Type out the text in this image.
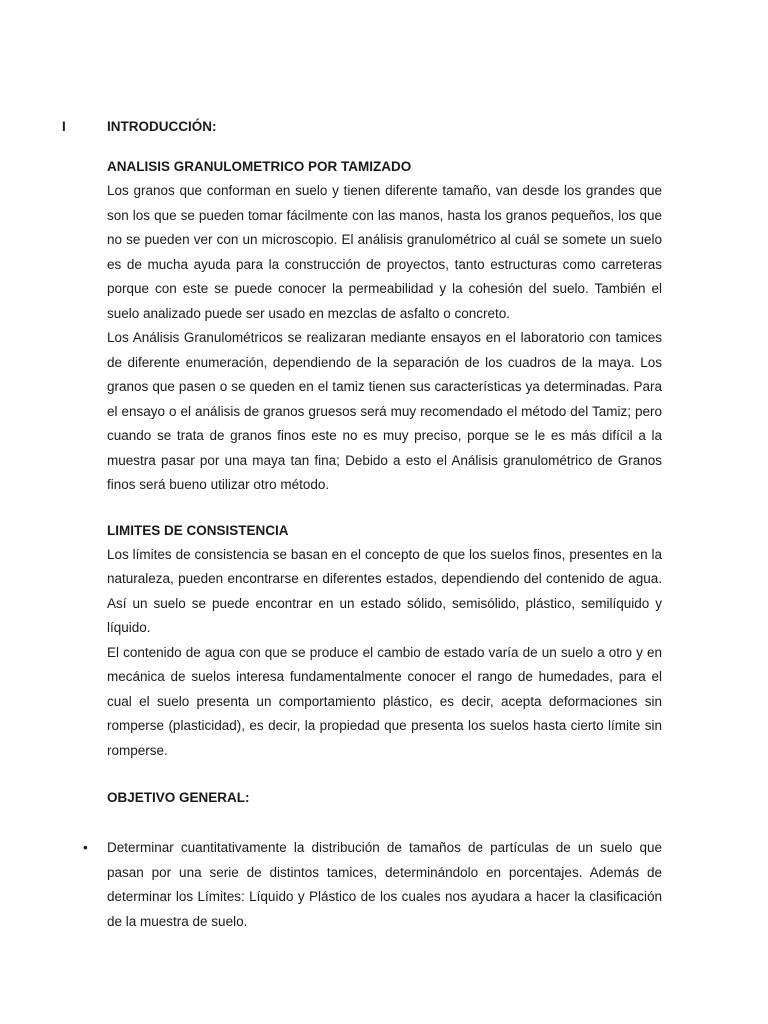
I	INTRODUCCIÓN:

ANALISIS GRANULOMETRICO POR TAMIZADO

Los granos que conforman en suelo y tienen diferente tamaño, van desde los grandes que son los que se pueden tomar fácilmente con las manos, hasta los granos pequeños, los que no se pueden ver con un microscopio. El análisis granulométrico al cuál se somete un suelo es de mucha ayuda para la construcción de proyectos, tanto estructuras como carreteras porque con este se puede conocer la permeabilidad y la cohesión del suelo. También el suelo analizado puede ser usado en mezclas de asfalto o concreto.

Los Análisis Granulométricos se realizaran mediante ensayos en el laboratorio con tamices de diferente enumeración, dependiendo de la separación de los cuadros de la maya. Los granos que pasen o se queden en el tamiz tienen sus características ya determinadas. Para el ensayo o el análisis de granos gruesos será muy recomendado el método del Tamiz; pero cuando se trata de granos finos este no es muy preciso, porque se le es más difícil a la muestra pasar por una maya tan fina; Debido a esto el Análisis granulométrico de Granos finos será bueno utilizar otro método.

LIMITES DE CONSISTENCIA

Los límites de consistencia se basan en el concepto de que los suelos finos, presentes en la naturaleza, pueden encontrarse en diferentes estados, dependiendo del contenido de agua. Así un suelo se puede encontrar en un estado sólido, semisólido, plástico, semilíquido y líquido.

El contenido de agua con que se produce el cambio de estado varía de un suelo a otro y en mecánica de suelos interesa fundamentalmente conocer el rango de humedades, para el cual el suelo presenta un comportamiento plástico, es decir, acepta deformaciones sin romperse (plasticidad), es decir, la propiedad que presenta los suelos hasta cierto límite sin romperse.

OBJETIVO GENERAL:

• Determinar cuantitativamente la distribución de tamaños de partículas de un suelo que pasan por una serie de distintos tamices, determinándolo en porcentajes. Además de determinar los Límites: Líquido y Plástico de los cuales nos ayudara a hacer la clasificación de la muestra de suelo.
